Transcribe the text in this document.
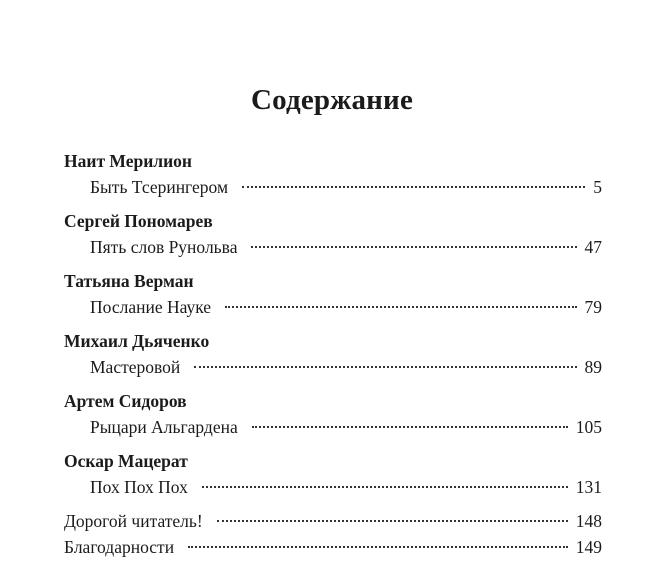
Содержание
Наит Мерилион
Быть Тсерингером	5
Сергей Пономарев
Пять слов Рунольва	47
Татьяна Верман
Послание Науке	79
Михаил Дьяченко
Мастеровой	89
Артем Сидоров
Рыцари Альгардена	105
Оскар Мацерат
Пох Пох Пох	131
Дорогой читатель!	148
Благодарности	149
